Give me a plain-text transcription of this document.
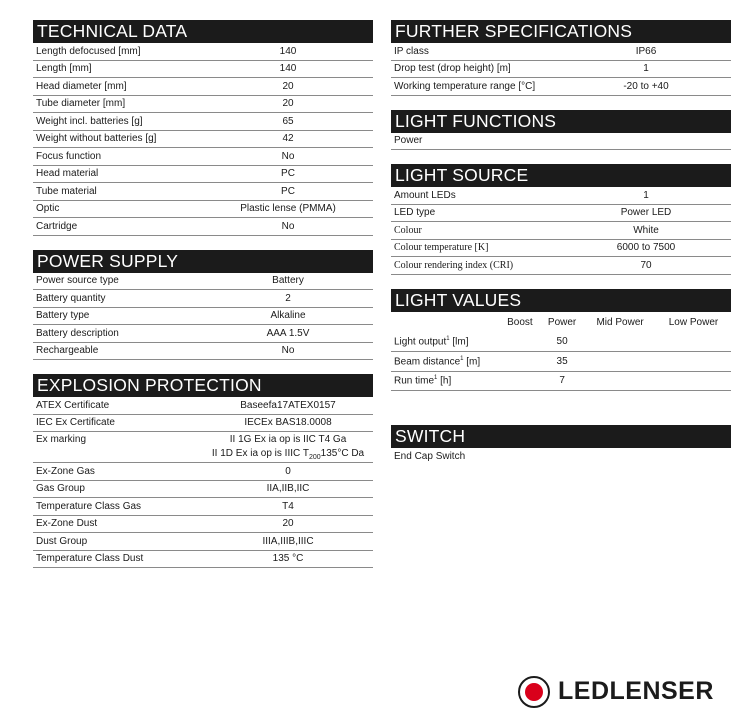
TECHNICAL DATA
Length defocused [mm]	140
Length [mm]	140
Head diameter [mm]	20
Tube diameter [mm]	20
Weight incl. batteries [g]	65
Weight without batteries [g]	42
Focus function	No
Head material	PC
Tube material	PC
Optic	Plastic lense (PMMA)
Cartridge	No
POWER SUPPLY
Power source type	Battery
Battery quantity	2
Battery type	Alkaline
Battery description	AAA 1.5V
Rechargeable	No
EXPLOSION PROTECTION
ATEX Certificate	Baseefa17ATEX0157
IEC Ex Certificate	IECEx BAS18.0008
Ex marking	II 1G Ex ia op is IIC T4 Ga
	II 1D Ex ia op is IIIC $T_{200}135^\circ C$ Da
Ex-Zone Gas	0
Gas Group	IIA,IIB,IIC
Temperature Class Gas	T4
Ex-Zone Dust	20
Dust Group	IIIA,IIIB,IIIC
Temperature Class Dust	135 °C
FURTHER SPECIFICATIONS
IP class	IP66
Drop test (drop height) [m]	1
Working temperature range [°C]	-20 to +40
LIGHT FUNCTIONS
Power
LIGHT SOURCE
Amount LEDs	1
LED type	Power LED
Colour	White
Colour temperature [K]	6000 to 7500
Colour rendering index (CRI)	70
LIGHT VALUES
	Boost	Power	Mid Power	Low Power
Light output$^1$ [lm]		50		
Beam distance$^1$ [m]		35		
Run time$^1$ [h]		7		
SWITCH
End Cap Switch
LEDLENSER
